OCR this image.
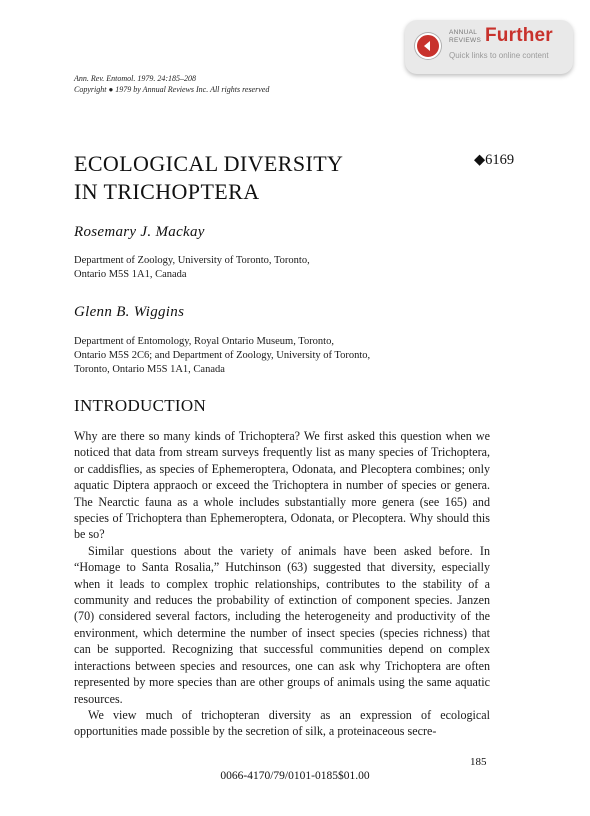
ANNUAL
REVIEWS Further
Quick links to online content
Ann. Rev. Entomol. 1979. 24:185–208
Copyright ● 1979 by Annual Reviews Inc. All rights reserved
ECOLOGICAL DIVERSITY
IN TRICHOPTERA
◆6169
Rosemary J. Mackay
Department of Zoology, University of Toronto, Toronto,
Ontario M5S 1A1, Canada
Glenn B. Wiggins
Department of Entomology, Royal Ontario Museum, Toronto,
Ontario M5S 2C6; and Department of Zoology, University of Toronto,
Toronto, Ontario M5S 1A1, Canada
INTRODUCTION

Why are there so many kinds of Trichoptera? We first asked this question when we noticed that data from stream surveys frequently list as many species of Trichoptera, or caddisflies, as species of Ephemeroptera, Odonata, and Plecoptera combines; only aquatic Diptera appraoch or exceed the Trichoptera in number of species or genera. The Nearctic fauna as a whole includes substantially more genera (see 165) and species of Trichoptera than Ephemeroptera, Odonata, or Plecoptera. Why should this be so?

Similar questions about the variety of animals have been asked before. In “Homage to Santa Rosalia,” Hutchinson (63) suggested that diversity, especially when it leads to complex trophic relationships, contributes to the stability of a community and reduces the probability of extinction of component species. Janzen (70) considered several factors, including the heterogeneity and productivity of the environment, which determine the number of insect species (species richness) that can be supported. Recognizing that successful communities depend on complex interactions between species and resources, one can ask why Trichoptera are often represented by more species than are other groups of animals using the same aquatic resources.

We view much of trichopteran diversity as an expression of ecological opportunities made possible by the secretion of silk, a proteinaceous secre-

185
0066-4170/79/0101-0185$01.00
